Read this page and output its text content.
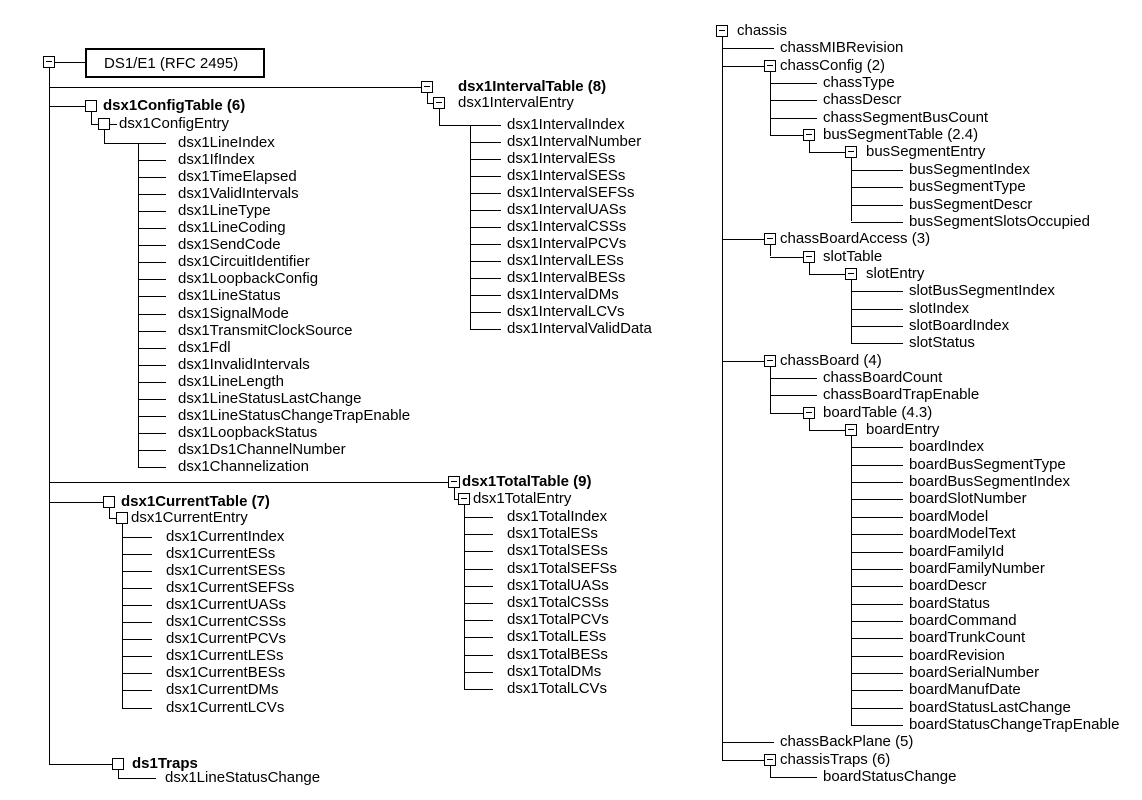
DS1/E1 (RFC 2495)
dsx1ConfigTable (6)
dsx1ConfigEntry
dsx1LineIndex
dsx1IfIndex
dsx1TimeElapsed
dsx1ValidIntervals
dsx1LineType
dsx1LineCoding
dsx1SendCode
dsx1CircuitIdentifier
dsx1LoopbackConfig
dsx1LineStatus
dsx1SignalMode
dsx1TransmitClockSource
dsx1Fdl
dsx1InvalidIntervals
dsx1LineLength
dsx1LineStatusLastChange
dsx1LineStatusChangeTrapEnable
dsx1LoopbackStatus
dsx1Ds1ChannelNumber
dsx1Channelization
dsx1IntervalTable (8)
dsx1IntervalEntry
dsx1IntervalIndex
dsx1IntervalNumber
dsx1IntervalESs
dsx1IntervalSESs
dsx1IntervalSEFSs
dsx1IntervalUASs
dsx1IntervalCSSs
dsx1IntervalPCVs
dsx1IntervalLESs
dsx1IntervalBESs
dsx1IntervalDMs
dsx1IntervalLCVs
dsx1IntervalValidData
dsx1CurrentTable (7)
dsx1CurrentEntry
dsx1CurrentIndex
dsx1CurrentESs
dsx1CurrentSESs
dsx1CurrentSEFSs
dsx1CurrentUASs
dsx1CurrentCSSs
dsx1CurrentPCVs
dsx1CurrentLESs
dsx1CurrentBESs
dsx1CurrentDMs
dsx1CurrentLCVs
dsx1TotalTable (9)
dsx1TotalEntry
dsx1TotalIndex
dsx1TotalESs
dsx1TotalSESs
dsx1TotalSEFSs
dsx1TotalUASs
dsx1TotalCSSs
dsx1TotalPCVs
dsx1TotalLESs
dsx1TotalBESs
dsx1TotalDMs
dsx1TotalLCVs
ds1Traps
dsx1LineStatusChange
chassis
chassMIBRevision
chassConfig (2)
chassType
chassDescr
chassSegmentBusCount
busSegmentTable (2.4)
busSegmentEntry
busSegmentIndex
busSegmentType
busSegmentDescr
busSegmentSlotsOccupied
chassBoardAccess (3)
slotTable
slotEntry
slotBusSegmentIndex
slotIndex
slotBoardIndex
slotStatus
chassBoard (4)
chassBoardCount
chassBoardTrapEnable
boardTable (4.3)
boardEntry
boardIndex
boardBusSegmentType
boardBusSegmentIndex
boardSlotNumber
boardModel
boardModelText
boardFamilyId
boardFamilyNumber
boardDescr
boardStatus
boardCommand
boardTrunkCount
boardRevision
boardSerialNumber
boardManufDate
boardStatusLastChange
boardStatusChangeTrapEnable
chassBackPlane (5)
chassisTraps (6)
boardStatusChange
